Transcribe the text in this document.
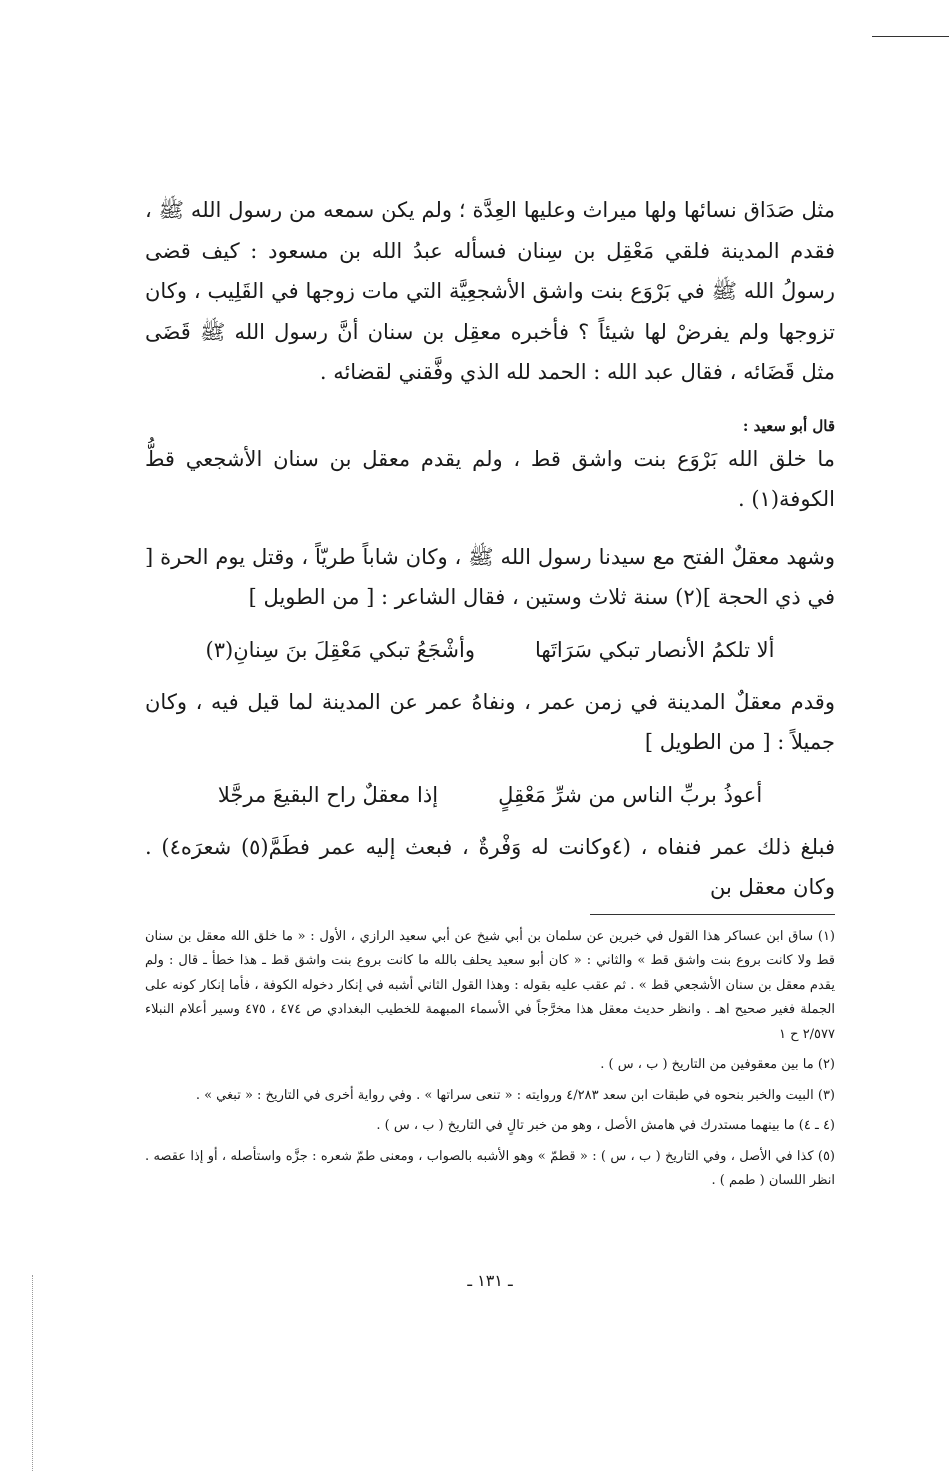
مثل صَدَاق نسائها ولها ميراث وعليها العِدَّة ؛ ولم يكن سمعه من رسول الله ﷺ ، فقدم المدينة فلقي مَعْقِل بن سِنان فسأله عبدُ الله بن مسعود : كيف قضى رسولُ الله ﷺ في بَرْوَع بنت واشق الأشجعِيَّة التي مات زوجها في القَلِيب ، وكان تزوجها ولم يفرضْ لها شيئاً ؟ فأخبره معقِل بن سنان أنَّ رسول الله ﷺ قَضَى مثل قَضَائه ، فقال عبد الله : الحمد لله الذي وفَّقني لقضائه .

قال أبو سعيد :

ما خلق الله بَرْوَع بنت واشق قط ، ولم يقدم معقل بن سنان الأشجعي قطُّ الكوفة(١) .

وشهد معقلٌ الفتح مع سيدنا رسول الله ﷺ ، وكان شاباً طريّاً ، وقتل يوم الحرة [ في ذي الحجة ](٢) سنة ثلاث وستين ، فقال الشاعر : [ من الطويل ]

ألا تلكمُ الأنصار تبكي سَرَاتَها
وأشْجَعُ تبكي مَعْقِلَ بنَ سِنانِ(٣)

وقدم معقلٌ المدينة في زمن عمر ، ونفاهُ عمر عن المدينة لما قيل فيه ، وكان جميلاً : [ من الطويل ]

أعوذُ بربِّ الناس من شرِّ مَعْقِلٍ
إذا معقلٌ راح البقيعَ مرجَّلا

فبلغ ذلك عمر فنفاه ، (٤وكانت له وَفْرةٌ ، فبعث إليه عمر فطَمَّ(٥) شعرَه٤) . وكان معقل بن

(١) ساق ابن عساكر هذا القول في خبرين عن سلمان بن أبي شيخ عن أبي سعيد الرازي ، الأول : « ما خلق الله معقل بن سنان قط ولا كانت بروع بنت واشق قط » والثاني : « كان أبو سعيد يحلف بالله ما كانت بروع بنت واشق قط ـ هذا خطأ ـ قال : ولم يقدم معقل بن سنان الأشجعي قط » . ثم عقب عليه بقوله : وهذا القول الثاني أشبه في إنكار دخوله الكوفة ، فأما إنكار كونه على الجملة فغير صحيح اهـ . وانظر حديث معقل هذا مخرَّجاً في الأسماء المبهمة للخطيب البغدادي ص ٤٧٤ ، ٤٧٥ وسير أعلام النبلاء ٢/٥٧٧ ح ١

(٢) ما بين معقوفين من التاريخ ( ب ، س ) .

(٣) البيت والخبر بنحوه في طبقات ابن سعد ٤/٢٨٣ وروايته : « تنعى سراتها » . وفي رواية أخرى في التاريخ : « تبغي » .

(٤ ـ ٤) ما بينهما مستدرك في هامش الأصل ، وهو من خبر تالٍ في التاريخ ( ب ، س ) .

(٥) كذا في الأصل ، وفي التاريخ ( ب ، س ) : « قطمّ » وهو الأشبه بالصواب ، ومعنى طمّ شعره : جزَّه واستأصله ، أو إذا عقصه . انظر اللسان ( طمم ) .

ـ ١٣١ ـ
